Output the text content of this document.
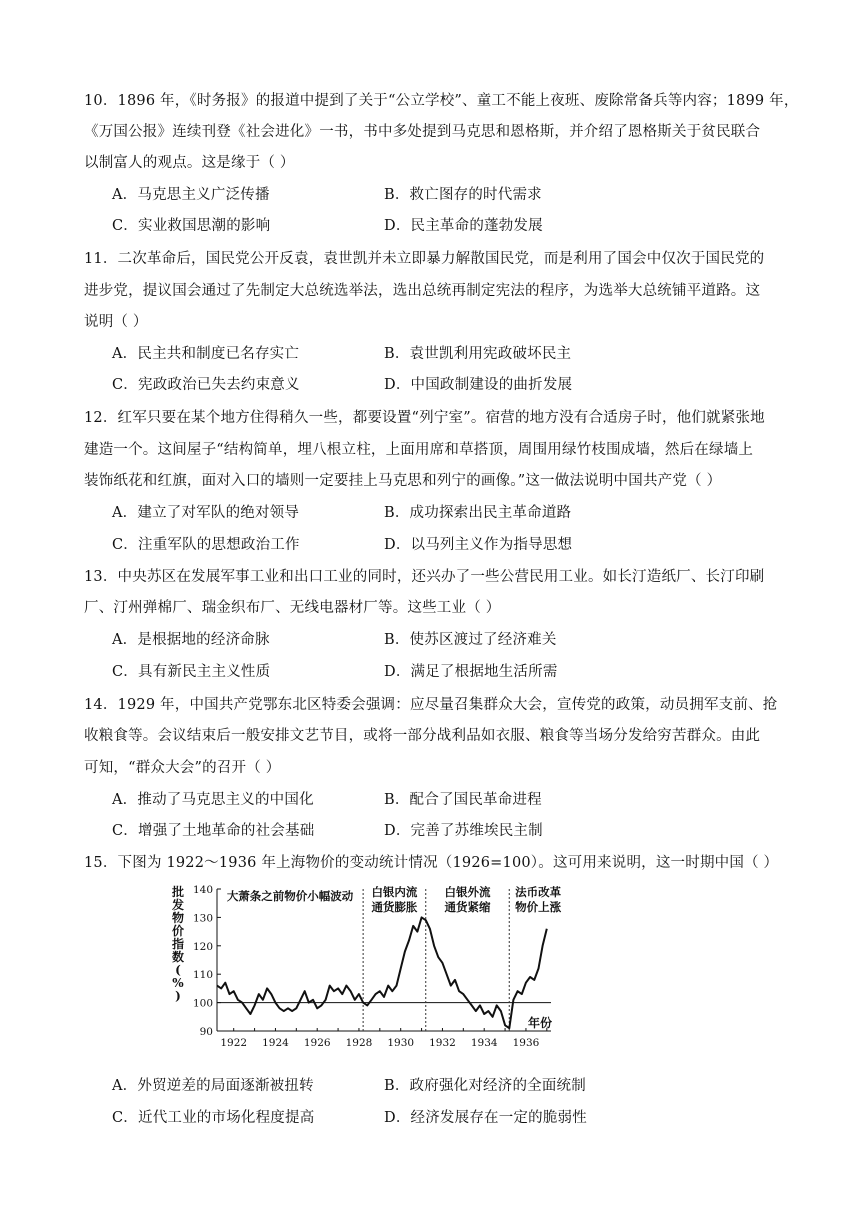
10．1896 年，《时务报》的报道中提到了关于“公立学校”、童工不能上夜班、废除常备兵等内容；1899 年，
《万国公报》连续刊登《社会进化》一书，书中多处提到马克思和恩格斯，并介绍了恩格斯关于贫民联合
以制富人的观点。这是缘于（ ）
A．马克思主义广泛传播	B．救亡图存的时代需求
C．实业救国思潮的影响	D．民主革命的蓬勃发展
11．二次革命后，国民党公开反袁，袁世凯并未立即暴力解散国民党，而是利用了国会中仅次于国民党的
进步党，提议国会通过了先制定大总统选举法，选出总统再制定宪法的程序，为选举大总统铺平道路。这
说明（ ）
A．民主共和制度已名存实亡	B．袁世凯利用宪政破坏民主
C．宪政政治已失去约束意义	D．中国政制建设的曲折发展
12．红军只要在某个地方住得稍久一些，都要设置“列宁室”。宿营的地方没有合适房子时，他们就紧张地
建造一个。这间屋子“结构简单，埋八根立柱，上面用席和草搭顶，周围用绿竹枝围成墙，然后在绿墙上
装饰纸花和红旗，面对入口的墙则一定要挂上马克思和列宁的画像。”这一做法说明中国共产党（ ）
A．建立了对军队的绝对领导	B．成功探索出民主革命道路
C．注重军队的思想政治工作	D．以马列主义作为指导思想
13．中央苏区在发展军事工业和出口工业的同时，还兴办了一些公营民用工业。如长汀造纸厂、长汀印刷
厂、汀州弹棉厂、瑞金织布厂、无线电器材厂等。这些工业（ ）
A．是根据地的经济命脉	B．使苏区渡过了经济难关
C．具有新民主主义性质	D．满足了根据地生活所需
14．1929 年，中国共产党鄂东北区特委会强调：应尽量召集群众大会，宣传党的政策，动员拥军支前、抢
收粮食等。会议结束后一般安排文艺节目，或将一部分战利品如衣服、粮食等当场分发给穷苦群众。由此
可知，“群众大会”的召开（ ）
A．推动了马克思主义的中国化	B．配合了国民革命进程
C．增强了土地革命的社会基础	D．完善了苏维埃民主制
15．下图为 1922～1936 年上海物价的变动统计情况（1926=100）。这可用来说明，这一时期中国（ ）
90
100
110
120
130
140
1922 1924 1926 1928 1930 1932 1934 1936
批
发
物
价
指
数
(
%
)
年份
大萧条之前物价小幅波动 白银内流
通货膨胀
白银外流
通货紧缩
法币改革
物价上涨
A．外贸逆差的局面逐渐被扭转	B．政府强化对经济的全面统制
C．近代工业的市场化程度提高	D．经济发展存在一定的脆弱性
